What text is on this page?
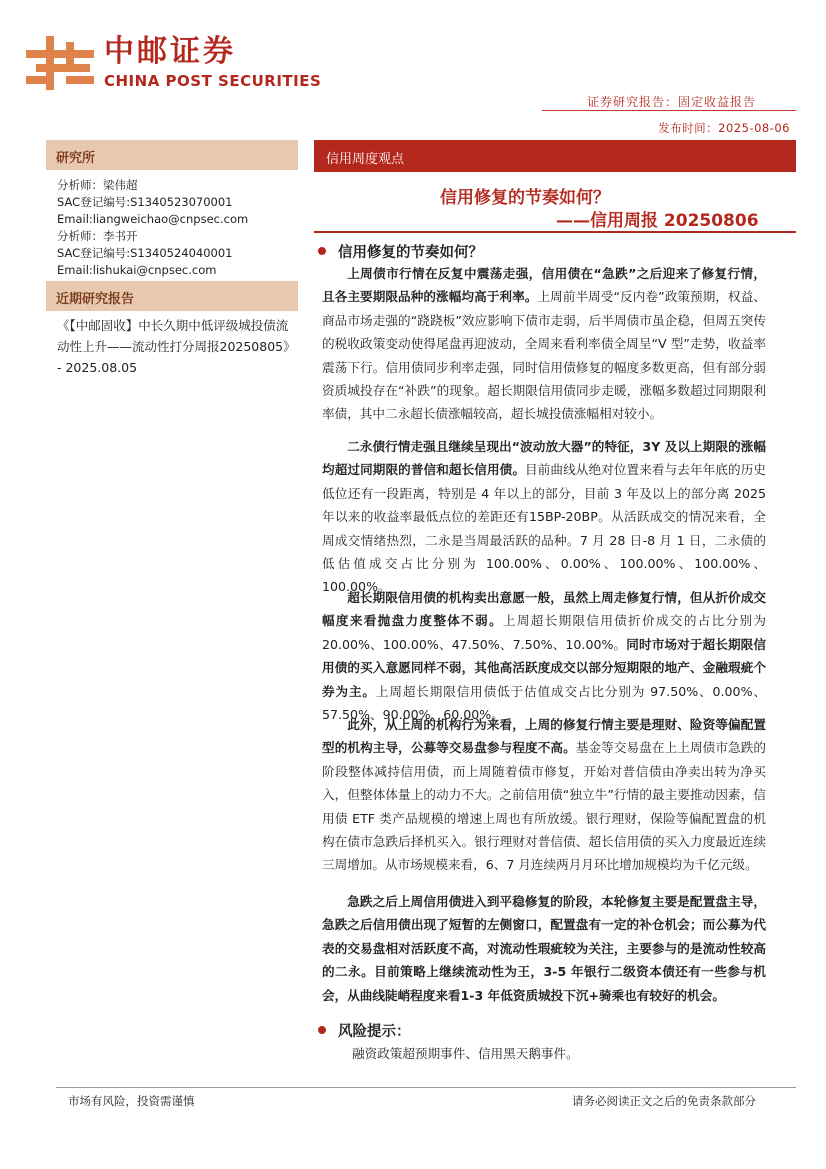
中邮证券
CHINA POST SECURITIES
证券研究报告：固定收益报告
发布时间：2025-08-06
研究所
分析师：梁伟超
SAC登记编号:S1340523070001
Email:liangweichao@cnpsec.com
分析师：李书开
SAC登记编号:S1340524040001
Email:lishukai@cnpsec.com
近期研究报告
《【中邮固收】中长久期中低评级城投债流动性上升——流动性打分周报20250805》 - 2025.08.05
信用周度观点
信用修复的节奏如何？
——信用周报 20250806
信用修复的节奏如何？

上周债市行情在反复中震荡走强，信用债在“急跌”之后迎来了修复行情，且各主要期限品种的涨幅均高于利率。上周前半周受“反内卷”政策预期，权益、商品市场走强的“跷跷板”效应影响下债市走弱，后半周债市虽企稳，但周五突传的税收政策变动使得尾盘再迎波动，全周来看利率债全周呈“V 型”走势，收益率震荡下行。信用债同步利率走强，同时信用债修复的幅度多数更高，但有部分弱资质城投存在“补跌”的现象。超长期限信用债同步走暖，涨幅多数超过同期限利率债，其中二永超长债涨幅较高，超长城投债涨幅相对较小。

二永债行情走强且继续呈现出“波动放大器”的特征，3Y 及以上期限的涨幅均超过同期限的普信和超长信用债。目前曲线从绝对位置来看与去年年底的历史低位还有一段距离，特别是 4 年以上的部分，目前 3 年及以上的部分离 2025 年以来的收益率最低点位的差距还有15BP-20BP。从活跃成交的情况来看，全周成交情绪热烈，二永是当周最活跃的品种。7 月 28 日-8 月 1 日，二永债的低估值成交占比分别为 100.00%、0.00%、100.00%、100.00%、100.00%。

超长期限信用债的机构卖出意愿一般，虽然上周走修复行情，但从折价成交幅度来看抛盘力度整体不弱。上周超长期限信用债折价成交的占比分别为 20.00%、100.00%、47.50%、7.50%、10.00%。同时市场对于超长期限信用债的买入意愿同样不弱，其他高活跃度成交以部分短期限的地产、金融瑕疵个券为主。上周超长期限信用债低于估值成交占比分别为 97.50%、0.00%、57.50%、90.00%、60.00%。

此外，从上周的机构行为来看，上周的修复行情主要是理财、险资等偏配置型的机构主导，公募等交易盘参与程度不高。基金等交易盘在上上周债市急跌的阶段整体减持信用债，而上周随着债市修复，开始对普信债由净卖出转为净买入，但整体体量上的动力不大。之前信用债“独立牛”行情的最主要推动因素，信用债 ETF 类产品规模的增速上周也有所放缓。银行理财，保险等偏配置盘的机构在债市急跌后择机买入。银行理财对普信债、超长信用债的买入力度最近连续三周增加。从市场规模来看，6、7 月连续两月月环比增加规模均为千亿元级。

急跌之后上周信用债进入到平稳修复的阶段，本轮修复主要是配置盘主导，急跌之后信用债出现了短暂的左侧窗口，配置盘有一定的补仓机会；而公募为代表的交易盘相对活跃度不高，对流动性瑕疵较为关注，主要参与的是流动性较高的二永。目前策略上继续流动性为王，3-5 年银行二级资本债还有一些参与机会，从曲线陡峭程度来看1-3 年低资质城投下沉+骑乘也有较好的机会。

风险提示：
融资政策超预期事件、信用黑天鹅事件。
市场有风险，投资需谨慎	请务必阅读正文之后的免责条款部分
